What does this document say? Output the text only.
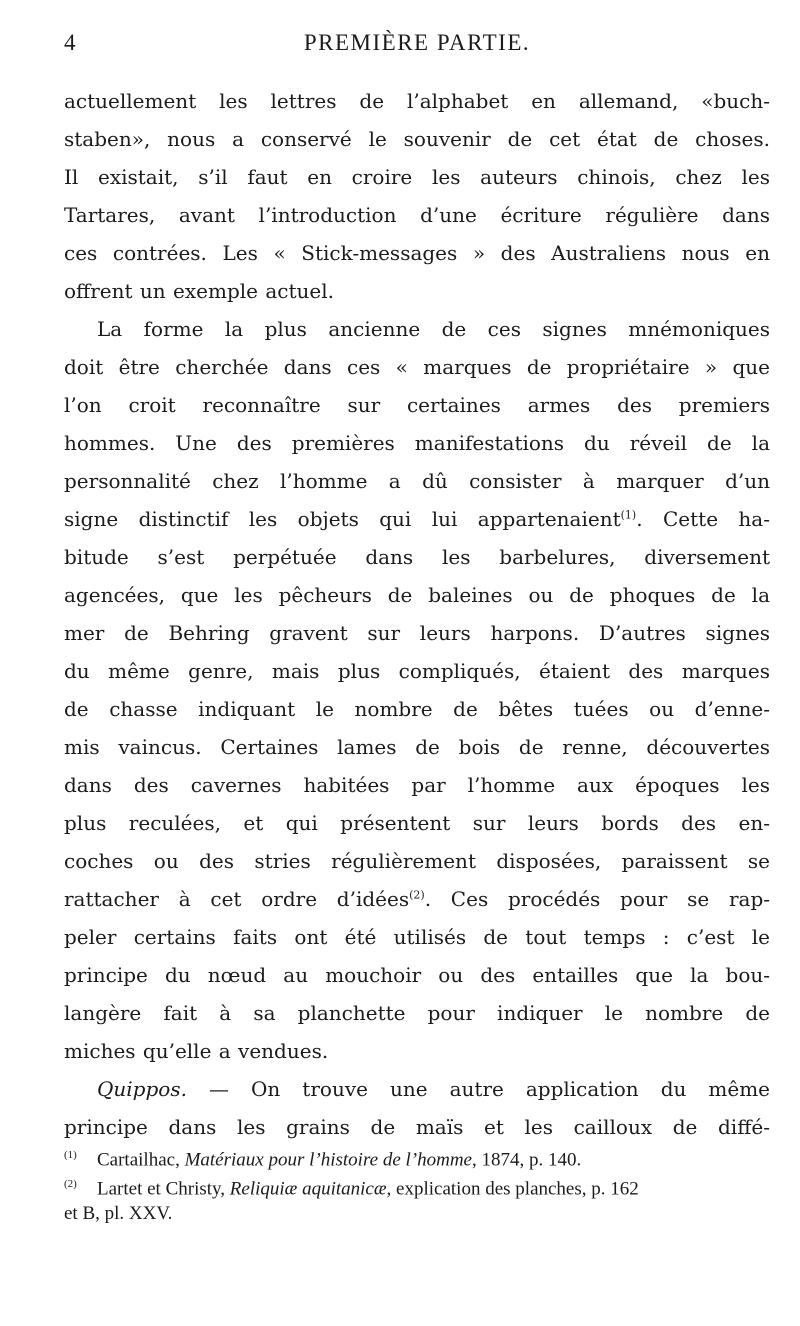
4	PREMIÈRE PARTIE.
actuellement les lettres de l’alphabet en allemand, «buch-
staben», nous a conservé le souvenir de cet état de choses.
Il existait, s’il faut en croire les auteurs chinois, chez les
Tartares, avant l’introduction d’une écriture régulière dans
ces contrées. Les « Stick-messages » des Australiens nous en
offrent un exemple actuel.
La forme la plus ancienne de ces signes mnémoniques
doit être cherchée dans ces « marques de propriétaire » que
l’on croit reconnaître sur certaines armes des premiers
hommes. Une des premières manifestations du réveil de la
personnalité chez l’homme a dû consister à marquer d’un
signe distinctif les objets qui lui appartenaient$^{(1)}$. Cette ha-
bitude s’est perpétuée dans les barbelures, diversement
agencées, que les pêcheurs de baleines ou de phoques de la
mer de Behring gravent sur leurs harpons. D’autres signes
du même genre, mais plus compliqués, étaient des marques
de chasse indiquant le nombre de bêtes tuées ou d’enne-
mis vaincus. Certaines lames de bois de renne, découvertes
dans des cavernes habitées par l’homme aux époques les
plus reculées, et qui présentent sur leurs bords des en-
coches ou des stries régulièrement disposées, paraissent se
rattacher à cet ordre d’idées$^{(2)}$. Ces procédés pour se rap-
peler certains faits ont été utilisés de tout temps : c’est le
principe du nœud au mouchoir ou des entailles que la bou-
langère fait à sa planchette pour indiquer le nombre de
miches qu’elle a vendues.
Quippos. — On trouve une autre application du même
principe dans les grains de maïs et les cailloux de diffé-
(1) Cartailhac, Matériaux pour l’histoire de l’homme, 1874, p. 140.
(2) Lartet et Christy, Reliquiæ aquitanicæ, explication des planches, p. 162
et B, pl. XXV.
